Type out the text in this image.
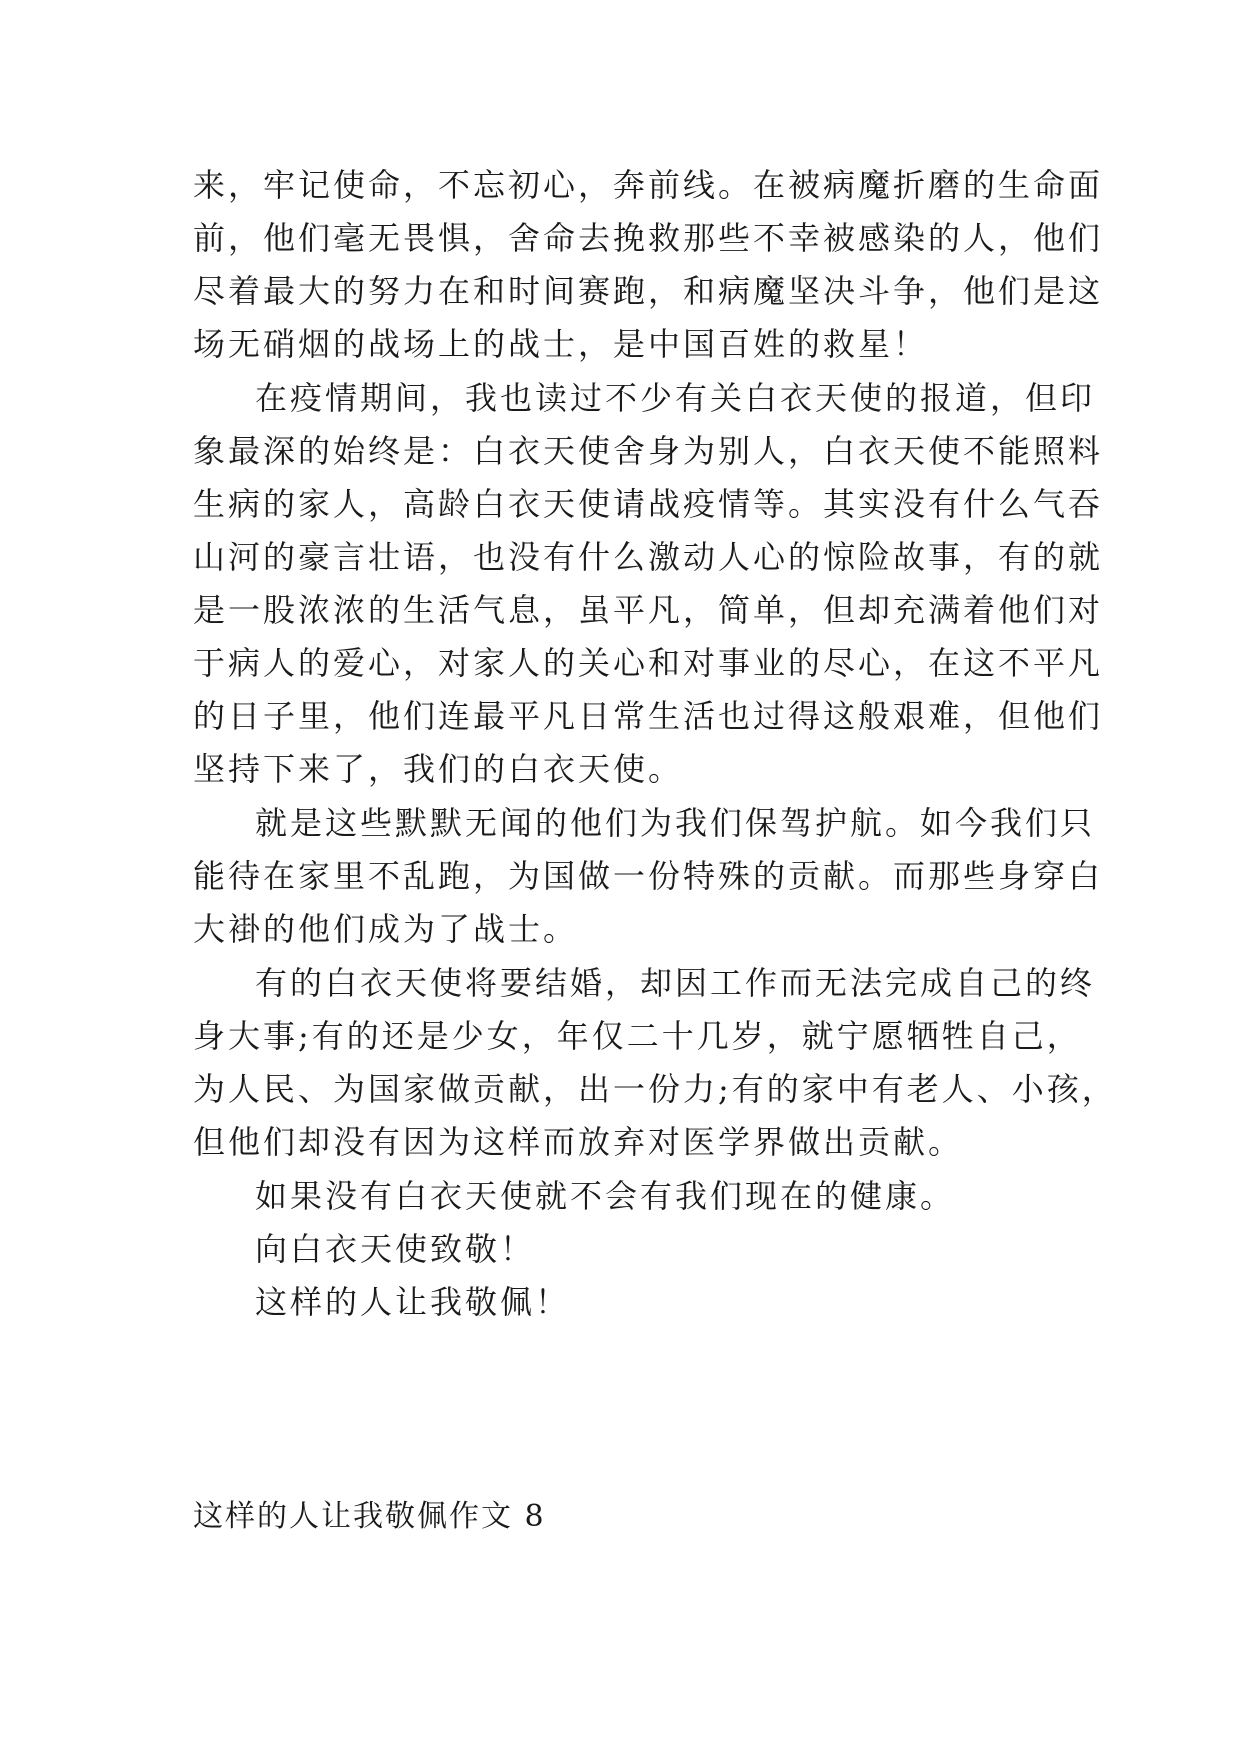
来，牢记使命，不忘初心，奔前线。在被病魔折磨的生命面
前，他们毫无畏惧，舍命去挽救那些不幸被感染的人，他们
尽着最大的努力在和时间赛跑，和病魔坚决斗争，他们是这
场无硝烟的战场上的战士，是中国百姓的救星！
在疫情期间，我也读过不少有关白衣天使的报道，但印
象最深的始终是：白衣天使舍身为别人，白衣天使不能照料
生病的家人，高龄白衣天使请战疫情等。其实没有什么气吞
山河的豪言壮语，也没有什么激动人心的惊险故事，有的就
是一股浓浓的生活气息，虽平凡，简单，但却充满着他们对
于病人的爱心，对家人的关心和对事业的尽心，在这不平凡
的日子里，他们连最平凡日常生活也过得这般艰难，但他们
坚持下来了，我们的白衣天使。
就是这些默默无闻的他们为我们保驾护航。如今我们只
能待在家里不乱跑，为国做一份特殊的贡献。而那些身穿白
大褂的他们成为了战士。
有的白衣天使将要结婚，却因工作而无法完成自己的终
身大事;有的还是少女，年仅二十几岁，就宁愿牺牲自己，
为人民、为国家做贡献，出一份力;有的家中有老人、小孩，
但他们却没有因为这样而放弃对医学界做出贡献。
如果没有白衣天使就不会有我们现在的健康。
向白衣天使致敬！
这样的人让我敬佩！
这样的人让我敬佩作文 8
